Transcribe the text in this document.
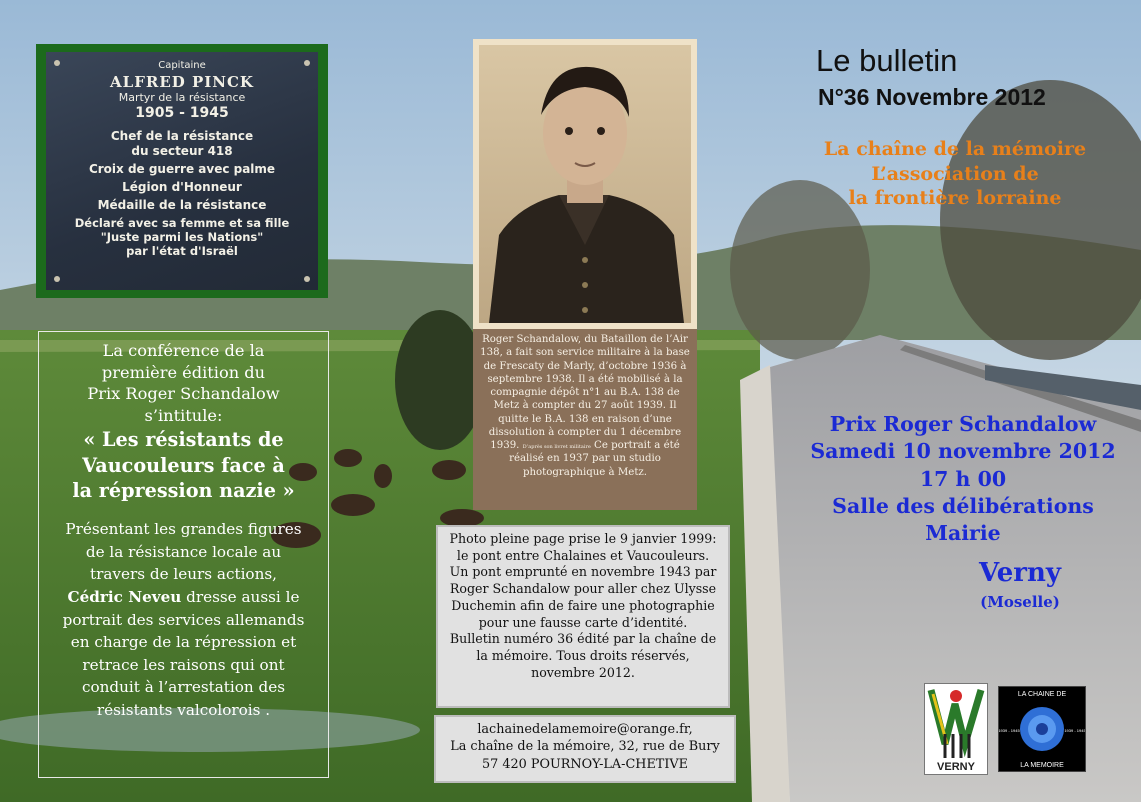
Capitaine
ALFRED PINCK
Martyr de la résistance
1905 - 1945
Chef de la résistance
du secteur 418
Croix de guerre avec palme
Légion d'Honneur
Médaille de la résistance
Déclaré avec sa femme et sa fille
"Juste parmi les Nations"
par l'état d'Israël
Roger Schandalow, du Bataillon de l’Air 138, a fait son service militaire à la base de Frescaty de Marly, d’octobre 1936 à septembre 1938. Il a été mobilisé à la compagnie dépôt n°1 au B.A. 138 de Metz à compter du 27 août 1939. Il quitte le B.A. 138 en raison d’une dissolution à compter du 1 décembre 1939. D’après son livret militaire Ce portrait a été réalisé en 1937 par un studio photographique à Metz.

La conférence de la

première édition du

Prix Roger Schandalow

s’intitule:

« Les résistants de

Vaucouleurs face à

la répression nazie »

Présentant les grandes figures

de la résistance locale au

travers de leurs actions,

Cédric Neveu dresse aussi le

portrait des services allemands

en charge de la répression et

retrace les raisons qui ont

conduit à l’arrestation des

résistants valcolorois .

Photo pleine page prise le 9 janvier 1999:
le pont entre Chalaines et Vaucouleurs.
Un pont emprunté en novembre 1943 par
Roger Schandalow pour aller chez Ulysse
Duchemin afin de faire une photographie
pour une fausse carte d’identité.
Bulletin numéro 36 édité par la chaîne de
la mémoire. Tous droits réservés,
novembre 2012.
lachainedelamemoire@orange.fr,
La chaîne de la mémoire, 32, rue de Bury
57 420 POURNOY-LA-CHETIVE
Le bulletin
N°36 Novembre 2012
La chaîne de la mémoire
L’association de
la frontière lorraine
Prix Roger Schandalow
Samedi 10 novembre 2012
17 h 00
Salle des délibérations
Mairie
Verny
(Moselle)
VERNY
LA CHAINE DE
1939 - 1945	1939 - 1945
LA MEMOIRE
